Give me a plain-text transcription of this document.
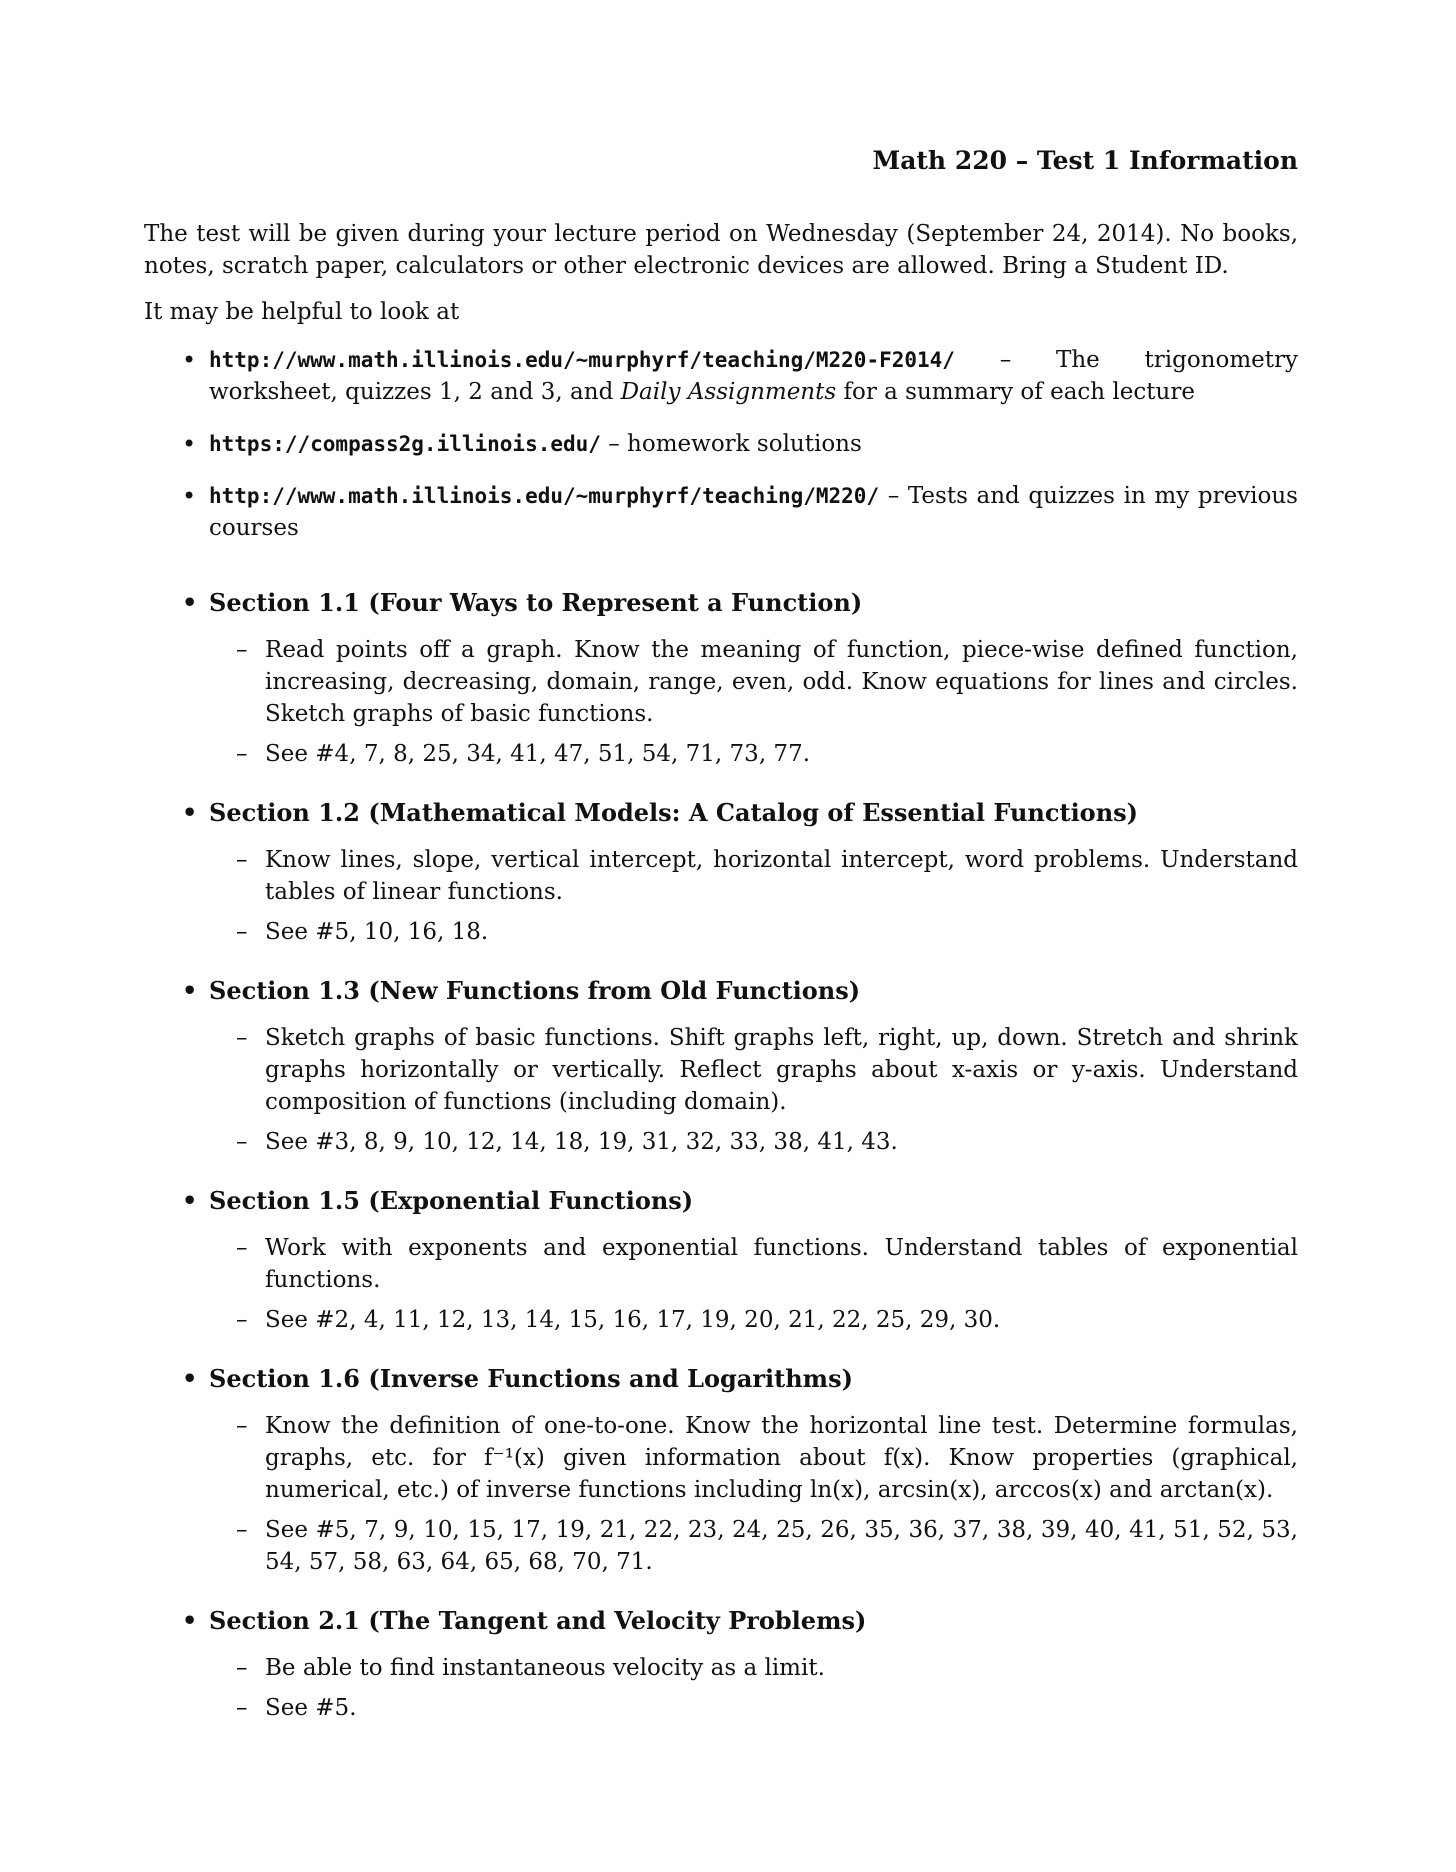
Math 220 – Test 1 Information

The test will be given during your lecture period on Wednesday (September 24, 2014). No books, notes, scratch paper, calculators or other electronic devices are allowed. Bring a Student ID.

It may be helpful to look at

• http://www.math.illinois.edu/~murphyrf/teaching/M220-F2014/ – The trigonometry worksheet, quizzes 1, 2 and 3, and Daily Assignments for a summary of each lecture
• https://compass2g.illinois.edu/ – homework solutions
• http://www.math.illinois.edu/~murphyrf/teaching/M220/ – Tests and quizzes in my previous courses

• Section 1.1 (Four Ways to Represent a Function)

– Read points off a graph. Know the meaning of function, piece-wise defined function, increasing, decreasing, domain, range, even, odd. Know equations for lines and circles. Sketch graphs of basic functions.
– See #4, 7, 8, 25, 34, 41, 47, 51, 54, 71, 73, 77.

• Section 1.2 (Mathematical Models: A Catalog of Essential Functions)

– Know lines, slope, vertical intercept, horizontal intercept, word problems. Understand tables of linear functions.
– See #5, 10, 16, 18.

• Section 1.3 (New Functions from Old Functions)

– Sketch graphs of basic functions. Shift graphs left, right, up, down. Stretch and shrink graphs horizontally or vertically. Reflect graphs about x-axis or y-axis. Understand composition of functions (including domain).
– See #3, 8, 9, 10, 12, 14, 18, 19, 31, 32, 33, 38, 41, 43.

• Section 1.5 (Exponential Functions)

– Work with exponents and exponential functions. Understand tables of exponential functions.
– See #2, 4, 11, 12, 13, 14, 15, 16, 17, 19, 20, 21, 22, 25, 29, 30.

• Section 1.6 (Inverse Functions and Logarithms)

– Know the definition of one-to-one. Know the horizontal line test. Determine formulas, graphs, etc. for f⁻¹(x) given information about f(x). Know properties (graphical, numerical, etc.) of inverse functions including ln(x), arcsin(x), arccos(x) and arctan(x).
– See #5, 7, 9, 10, 15, 17, 19, 21, 22, 23, 24, 25, 26, 35, 36, 37, 38, 39, 40, 41, 51, 52, 53, 54, 57, 58, 63, 64, 65, 68, 70, 71.

• Section 2.1 (The Tangent and Velocity Problems)

– Be able to find instantaneous velocity as a limit.
– See #5.
